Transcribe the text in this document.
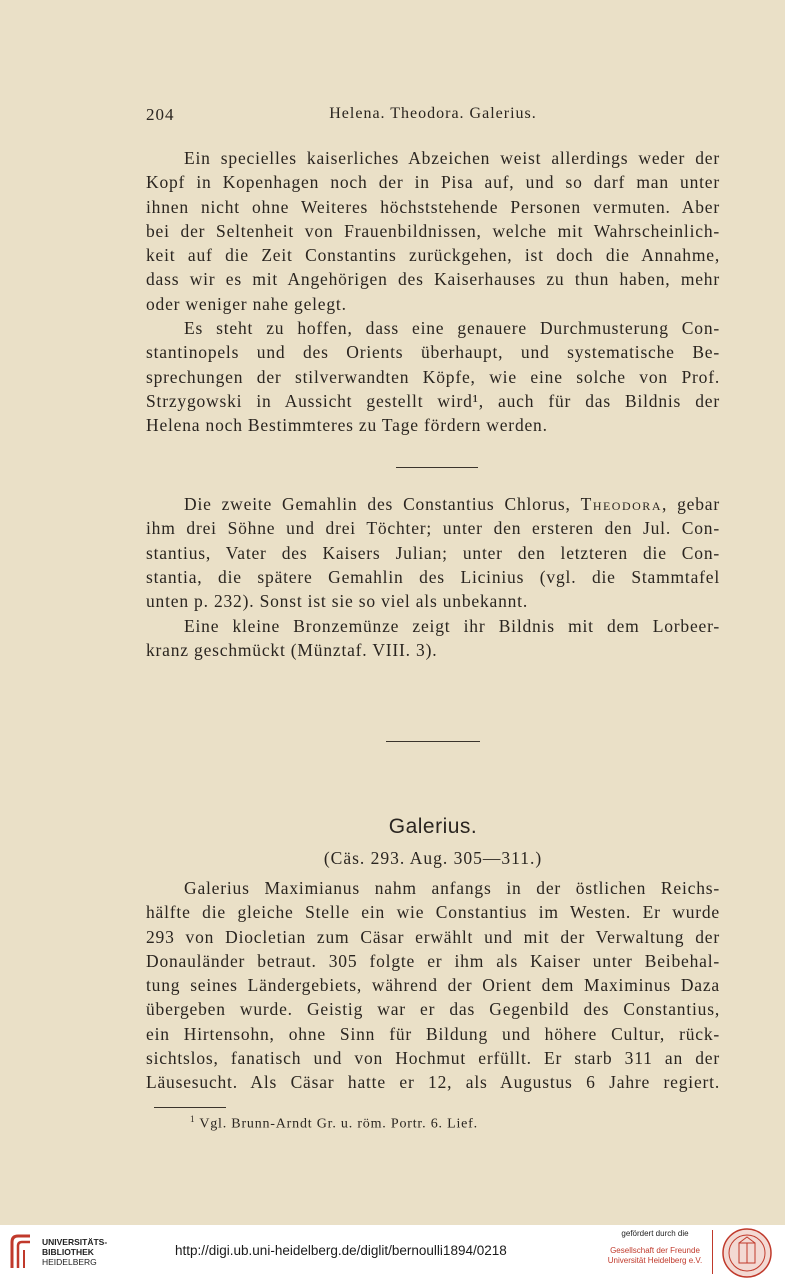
204	Helena. Theodora. Galerius.
Ein specielles kaiserliches Abzeichen weist allerdings weder der
Kopf in Kopenhagen noch der in Pisa auf, und so darf man unter
ihnen nicht ohne Weiteres höchststehende Personen vermuten. Aber
bei der Seltenheit von Frauenbildnissen, welche mit Wahrscheinlich-
keit auf die Zeit Constantins zurückgehen, ist doch die Annahme,
dass wir es mit Angehörigen des Kaiserhauses zu thun haben, mehr
oder weniger nahe gelegt.
Es steht zu hoffen, dass eine genauere Durchmusterung Con-
stantinopels und des Orients überhaupt, und systematische Be-
sprechungen der stilverwandten Köpfe, wie eine solche von Prof.
Strzygowski in Aussicht gestellt wird¹, auch für das Bildnis der
Helena noch Bestimmteres zu Tage fördern werden.
Die zweite Gemahlin des Constantius Chlorus, Theodora, gebar
ihm drei Söhne und drei Töchter; unter den ersteren den Jul. Con-
stantius, Vater des Kaisers Julian; unter den letzteren die Con-
stantia, die spätere Gemahlin des Licinius (vgl. die Stammtafel
unten p. 232). Sonst ist sie so viel als unbekannt.
Eine kleine Bronzemünze zeigt ihr Bildnis mit dem Lorbeer-
kranz geschmückt (Münztaf. VIII. 3).
Galerius.
(Cäs. 293. Aug. 305—311.)
Galerius Maximianus nahm anfangs in der östlichen Reichs-
hälfte die gleiche Stelle ein wie Constantius im Westen. Er wurde
293 von Diocletian zum Cäsar erwählt und mit der Verwaltung der
Donauländer betraut. 305 folgte er ihm als Kaiser unter Beibehal-
tung seines Ländergebiets, während der Orient dem Maximinus Daza
übergeben wurde. Geistig war er das Gegenbild des Constantius,
ein Hirtensohn, ohne Sinn für Bildung und höhere Cultur, rück-
sichtslos, fanatisch und von Hochmut erfüllt. Er starb 311 an der
Läusesucht. Als Cäsar hatte er 12, als Augustus 6 Jahre regiert.
$^1$ Vgl. Brunn-Arndt Gr. u. röm. Portr. 6. Lief.
UNIVERSITÄTS-
BIBLIOTHEK
HEIDELBERG
http://digi.ub.uni-heidelberg.de/diglit/bernoulli1894/0218
gefördert durch die
Gesellschaft der Freunde
Universität Heidelberg e.V.
